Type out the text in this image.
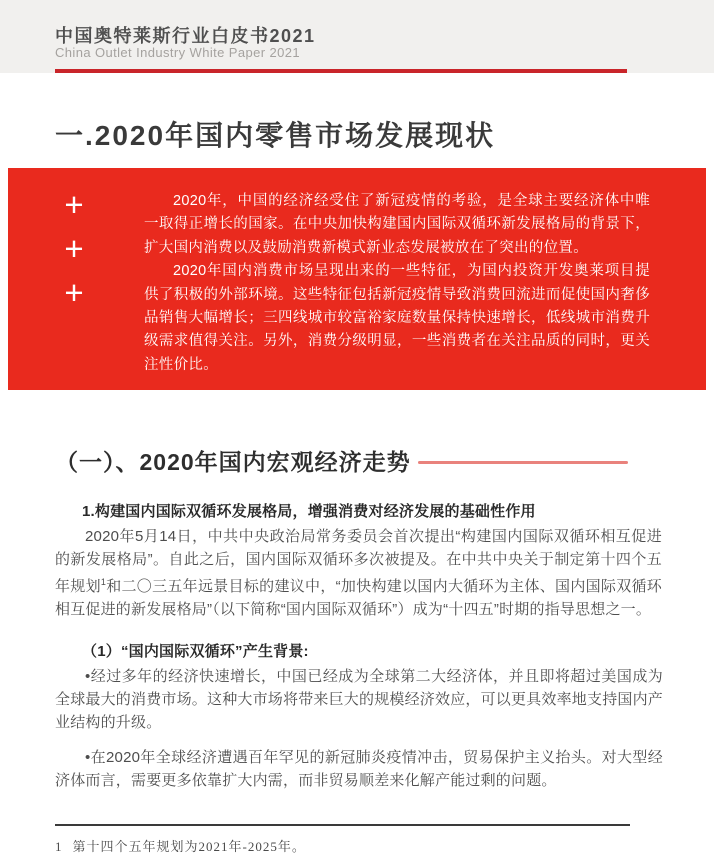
中国奥特莱斯行业白皮书2021
China Outlet Industry White Paper 2021
一.2020年国内零售市场发展现状
+
+
+

2020年，中国的经济经受住了新冠疫情的考验，是全球主要经济体中唯一取得正增长的国家。在中央加快构建国内国际双循环新发展格局的背景下，扩大国内消费以及鼓励消费新模式新业态发展被放在了突出的位置。

2020年国内消费市场呈现出来的一些特征，为国内投资开发奥莱项目提供了积极的外部环境。这些特征包括新冠疫情导致消费回流进而促使国内奢侈品销售大幅增长；三四线城市较富裕家庭数量保持快速增长，低线城市消费升级需求值得关注。另外，消费分级明显，一些消费者在关注品质的同时，更关注性价比。

（一）、2020年国内宏观经济走势
1.构建国内国际双循环发展格局，增强消费对经济发展的基础性作用

2020年5月14日，中共中央政治局常务委员会首次提出“构建国内国际双循环相互促进的新发展格局”。自此之后，国内国际双循环多次被提及。在中共中央关于制定第十四个五年规划$^1$和二〇三五年远景目标的建议中，“加快构建以国内大循环为主体、国内国际双循环相互促进的新发展格局”（以下简称“国内国际双循环”）成为“十四五”时期的指导思想之一。

（1）“国内国际双循环”产生背景:

•经过多年的经济快速增长，中国已经成为全球第二大经济体，并且即将超过美国成为全球最大的消费市场。这种大市场将带来巨大的规模经济效应，可以更具效率地支持国内产业结构的升级。

•在2020年全球经济遭遇百年罕见的新冠肺炎疫情冲击，贸易保护主义抬头。对大型经济体而言，需要更多依靠扩大内需，而非贸易顺差来化解产能过剩的问题。

1 第十四个五年规划为2021年-2025年。
